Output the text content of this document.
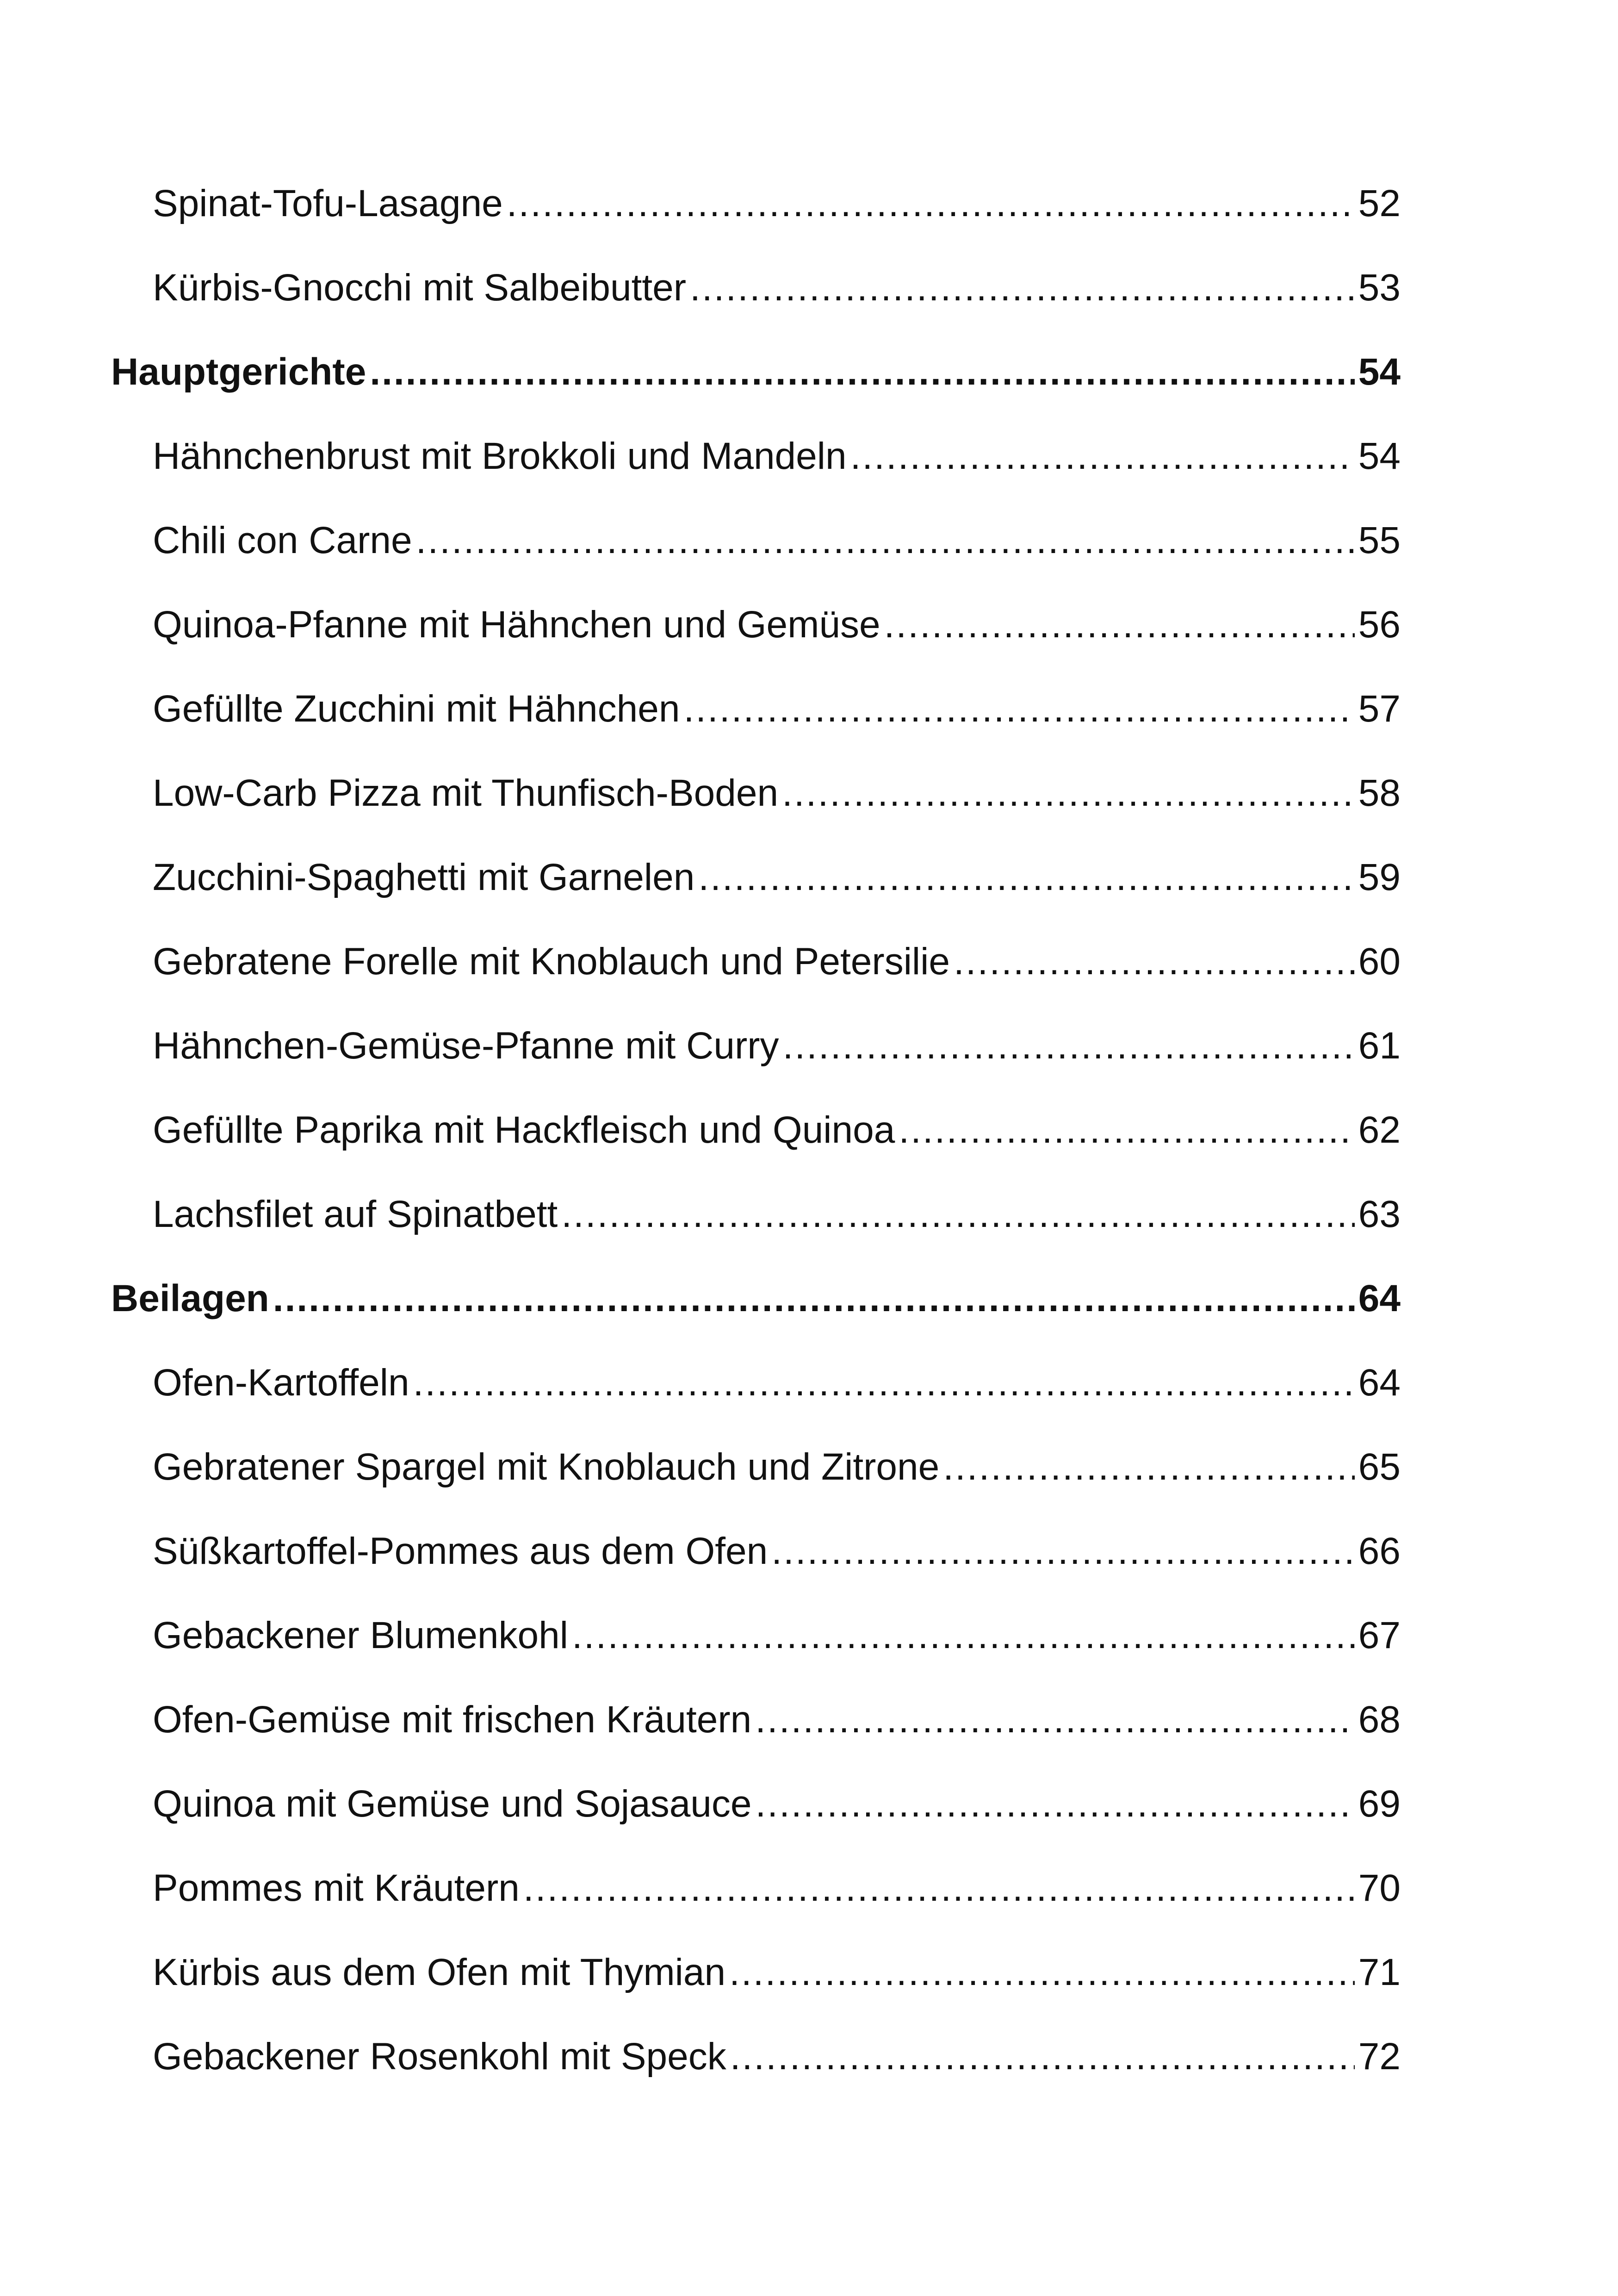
Spinat-Tofu-Lasagne .....	52
Kürbis-Gnocchi mit Salbeibutter .....	53
Hauptgerichte .....	54
Hähnchenbrust mit Brokkoli und Mandeln .....	54
Chili con Carne .....	55
Quinoa-Pfanne mit Hähnchen und Gemüse .....	56
Gefüllte Zucchini mit Hähnchen .....	57
Low-Carb Pizza mit Thunfisch-Boden .....	58
Zucchini-Spaghetti mit Garnelen .....	59
Gebratene Forelle mit Knoblauch und Petersilie .....	60
Hähnchen-Gemüse-Pfanne mit Curry .....	61
Gefüllte Paprika mit Hackfleisch und Quinoa .....	62
Lachsfilet auf Spinatbett .....	63
Beilagen .....	64
Ofen-Kartoffeln .....	64
Gebratener Spargel mit Knoblauch und Zitrone .....	65
Süßkartoffel-Pommes aus dem Ofen .....	66
Gebackener Blumenkohl .....	67
Ofen-Gemüse mit frischen Kräutern .....	68
Quinoa mit Gemüse und Sojasauce .....	69
Pommes mit Kräutern .....	70
Kürbis aus dem Ofen mit Thymian .....	71
Gebackener Rosenkohl mit Speck .....	72
